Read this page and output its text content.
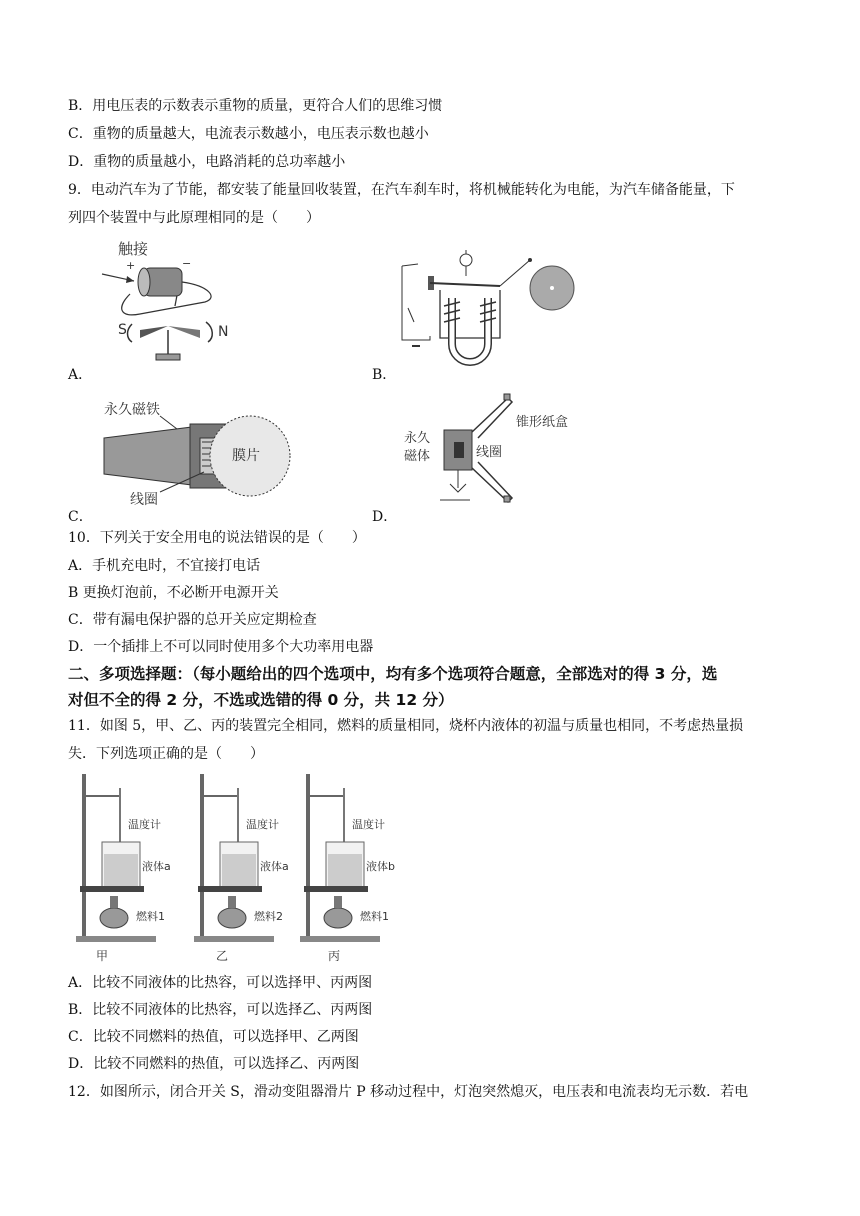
B．用电压表的示数表示重物的质量，更符合人们的思维习惯
C．重物的质量越大，电流表示数越小，电压表示数也越小
D．重物的质量越小，电路消耗的总功率越小
9．电动汽车为了节能，都安装了能量回收装置，在汽车刹车时，将机械能转化为电能，为汽车储备能量，下
列四个装置中与此原理相同的是（　　）
触接
+	−
I
S	N
A．	B．
永久磁铁
膜片
线圈
C．
永久
磁体
锥形纸盒
线圈
D．
10．下列关于安全用电的说法错误的是（　　）
A．手机充电时，不宜接打电话
B 更换灯泡前，不必断开电源开关
C．带有漏电保护器的总开关应定期检查
D．一个插排上不可以同时使用多个大功率用电器
二、多项选择题：（每小题给出的四个选项中，均有多个选项符合题意，全部选对的得 3 分，选
对但不全的得 2 分，不选或选错的得 0 分，共 12 分）
11．如图 5，甲、乙、丙的装置完全相同，燃料的质量相同，烧杯内液体的初温与质量也相同，不考虑热量损
失．下列选项正确的是（　　）
温度计
液体a
燃料1
甲
温度计
液体a
燃料2
乙
温度计
液体b
燃料1
丙
A．比较不同液体的比热容，可以选择甲、丙两图
B．比较不同液体的比热容，可以选择乙、丙两图
C．比较不同燃料的热值，可以选择甲、乙两图
D．比较不同燃料的热值，可以选择乙、丙两图
12．如图所示，闭合开关 S，滑动变阻器滑片 P 移动过程中，灯泡突然熄灭，电压表和电流表均无示数．若电
